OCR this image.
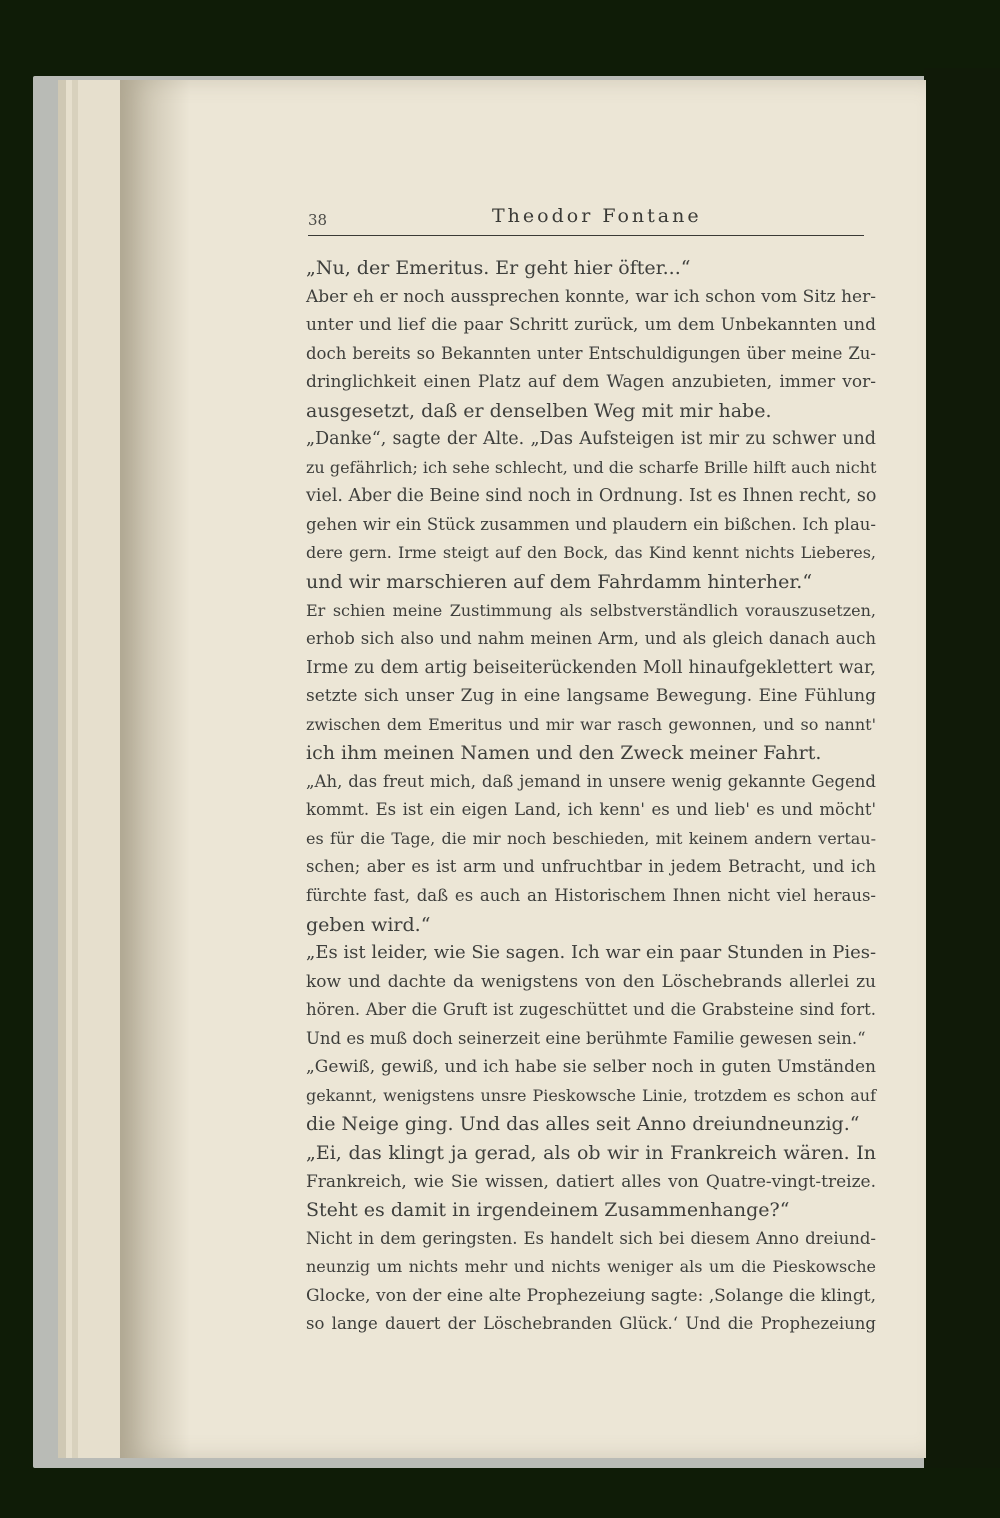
38	Theodor Fontane
„Nu, der Emeritus. Er geht hier öfter...“
Aber eh er noch aussprechen konnte, war ich schon vom Sitz her-
unter und lief die paar Schritt zurück, um dem Unbekannten und
doch bereits so Bekannten unter Entschuldigungen über meine Zu-
dringlichkeit einen Platz auf dem Wagen anzubieten, immer vor-
ausgesetzt, daß er denselben Weg mit mir habe.
„Danke“, sagte der Alte. „Das Aufsteigen ist mir zu schwer und
zu gefährlich; ich sehe schlecht, und die scharfe Brille hilft auch nicht
viel. Aber die Beine sind noch in Ordnung. Ist es Ihnen recht, so
gehen wir ein Stück zusammen und plaudern ein bißchen. Ich plau-
dere gern. Irme steigt auf den Bock, das Kind kennt nichts Lieberes,
und wir marschieren auf dem Fahrdamm hinterher.“
Er schien meine Zustimmung als selbstverständlich vorauszusetzen,
erhob sich also und nahm meinen Arm, und als gleich danach auch
Irme zu dem artig beiseiterückenden Moll hinaufgeklettert war,
setzte sich unser Zug in eine langsame Bewegung. Eine Fühlung
zwischen dem Emeritus und mir war rasch gewonnen, und so nannt'
ich ihm meinen Namen und den Zweck meiner Fahrt.
„Ah, das freut mich, daß jemand in unsere wenig gekannte Gegend
kommt. Es ist ein eigen Land, ich kenn' es und lieb' es und möcht'
es für die Tage, die mir noch beschieden, mit keinem andern vertau-
schen; aber es ist arm und unfruchtbar in jedem Betracht, und ich
fürchte fast, daß es auch an Historischem Ihnen nicht viel heraus-
geben wird.“
„Es ist leider, wie Sie sagen. Ich war ein paar Stunden in Pies-
kow und dachte da wenigstens von den Löschebrands allerlei zu
hören. Aber die Gruft ist zugeschüttet und die Grabsteine sind fort.
Und es muß doch seinerzeit eine berühmte Familie gewesen sein.“
„Gewiß, gewiß, und ich habe sie selber noch in guten Umständen
gekannt, wenigstens unsre Pieskowsche Linie, trotzdem es schon auf
die Neige ging. Und das alles seit Anno dreiundneunzig.“
„Ei, das klingt ja gerad, als ob wir in Frankreich wären. In
Frankreich, wie Sie wissen, datiert alles von Quatre-vingt-treize.
Steht es damit in irgendeinem Zusammenhange?“
Nicht in dem geringsten. Es handelt sich bei diesem Anno dreiund-
neunzig um nichts mehr und nichts weniger als um die Pieskowsche
Glocke, von der eine alte Prophezeiung sagte: ‚Solange die klingt,
so lange dauert der Löschebranden Glück.‘ Und die Prophezeiung
